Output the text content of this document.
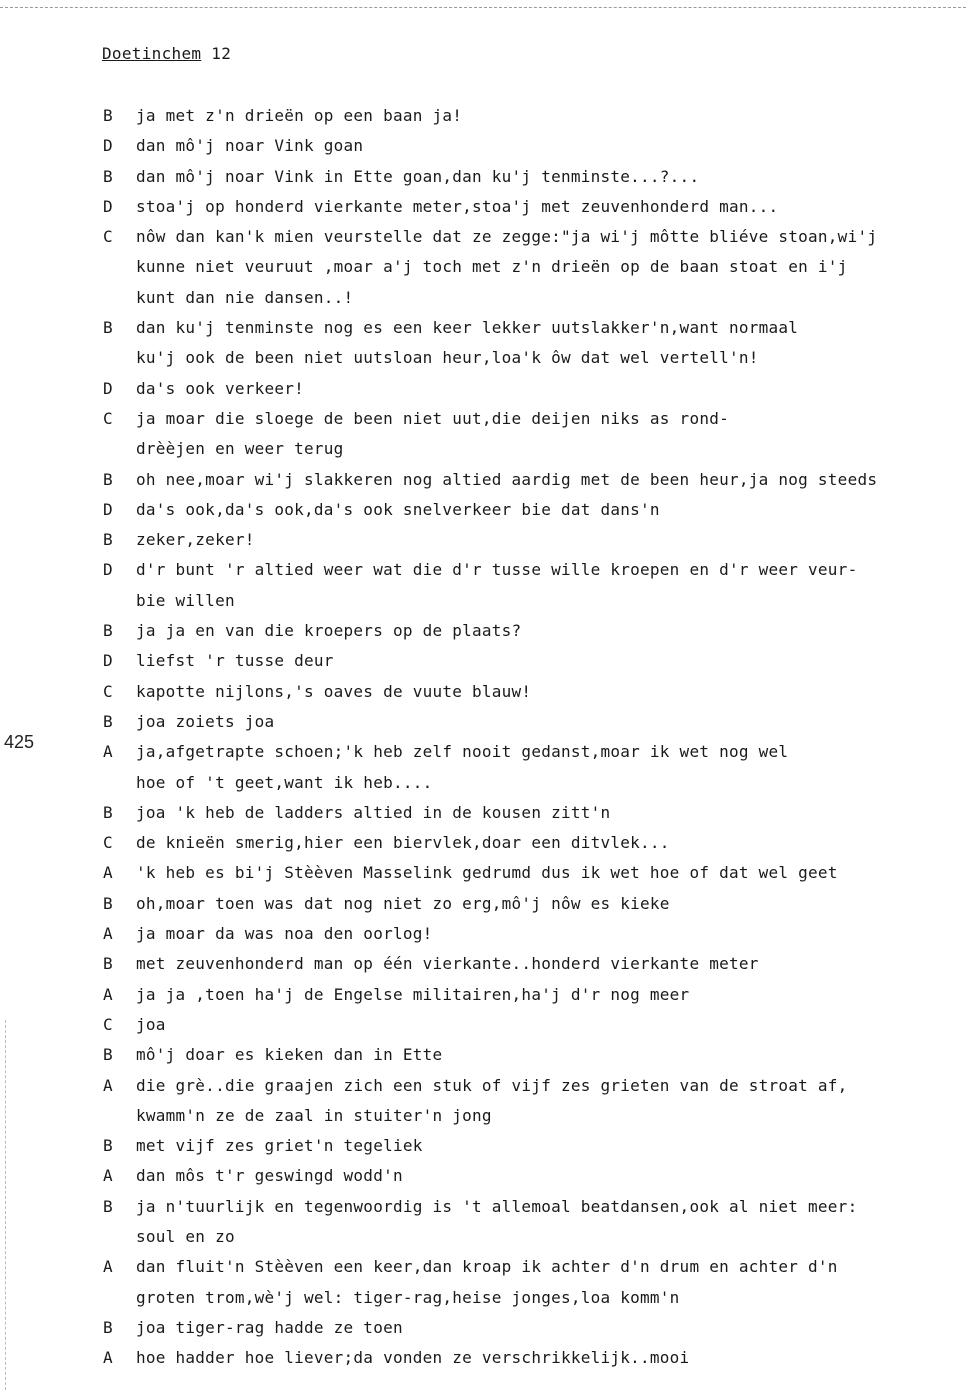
Doetinchem 12
425
B ja met z'n drieën op een baan ja!
D dan mô'j noar Vink goan
B dan mô'j noar Vink in Ette goan,dan ku'j tenminste...?...
D stoa'j op honderd vierkante meter,stoa'j met zeuvenhonderd man...
C nôw dan kan'k mien veurstelle dat ze zegge:"ja wi'j môtte bliéve stoan,wi'j
kunne niet veuruut ,moar a'j toch met z'n drieën op de baan stoat en i'j
kunt dan nie dansen..!
B dan ku'j tenminste nog es een keer lekker uutslakker'n,want normaal
ku'j ook de been niet uutsloan heur,loa'k ôw dat wel vertell'n!
D da's ook verkeer!
C ja moar die sloege de been niet uut,die deijen niks as rond-
drèèjen en weer terug
B oh nee,moar wi'j slakkeren nog altied aardig met de been heur,ja nog steeds
D da's ook,da's ook,da's ook snelverkeer bie dat dans'n
B zeker,zeker!
D d'r bunt 'r altied weer wat die d'r tusse wille kroepen en d'r weer veur-
bie willen
B ja ja en van die kroepers op de plaats?
D liefst 'r tusse deur
C kapotte nijlons,'s oaves de vuute blauw!
B joa zoiets joa
A ja,afgetrapte schoen;'k heb zelf nooit gedanst,moar ik wet nog wel
hoe of 't geet,want ik heb....
B joa 'k heb de ladders altied in de kousen zitt'n
C de knieën smerig,hier een biervlek,doar een ditvlek...
A 'k heb es bi'j Stèèven Masselink gedrumd dus ik wet hoe of dat wel geet
B oh,moar toen was dat nog niet zo erg,mô'j nôw es kieke
A ja moar da was noa den oorlog!
B met zeuvenhonderd man op één vierkante..honderd vierkante meter
A ja ja ,toen ha'j de Engelse militairen,ha'j d'r nog meer
C joa
B mô'j doar es kieken dan in Ette
A die grè..die graajen zich een stuk of vijf zes grieten van de stroat af,
kwamm'n ze de zaal in stuiter'n jong
B met vijf zes griet'n tegeliek
A dan môs t'r geswingd wodd'n
B ja n'tuurlijk en tegenwoordig is 't allemoal beatdansen,ook al niet meer:
soul en zo
A dan fluit'n Stèèven een keer,dan kroap ik achter d'n drum en achter d'n
groten trom,wè'j wel: tiger-rag,heise jonges,loa komm'n
B joa tiger-rag hadde ze toen
A hoe hadder hoe liever;da vonden ze verschrikkelijk..mooi
